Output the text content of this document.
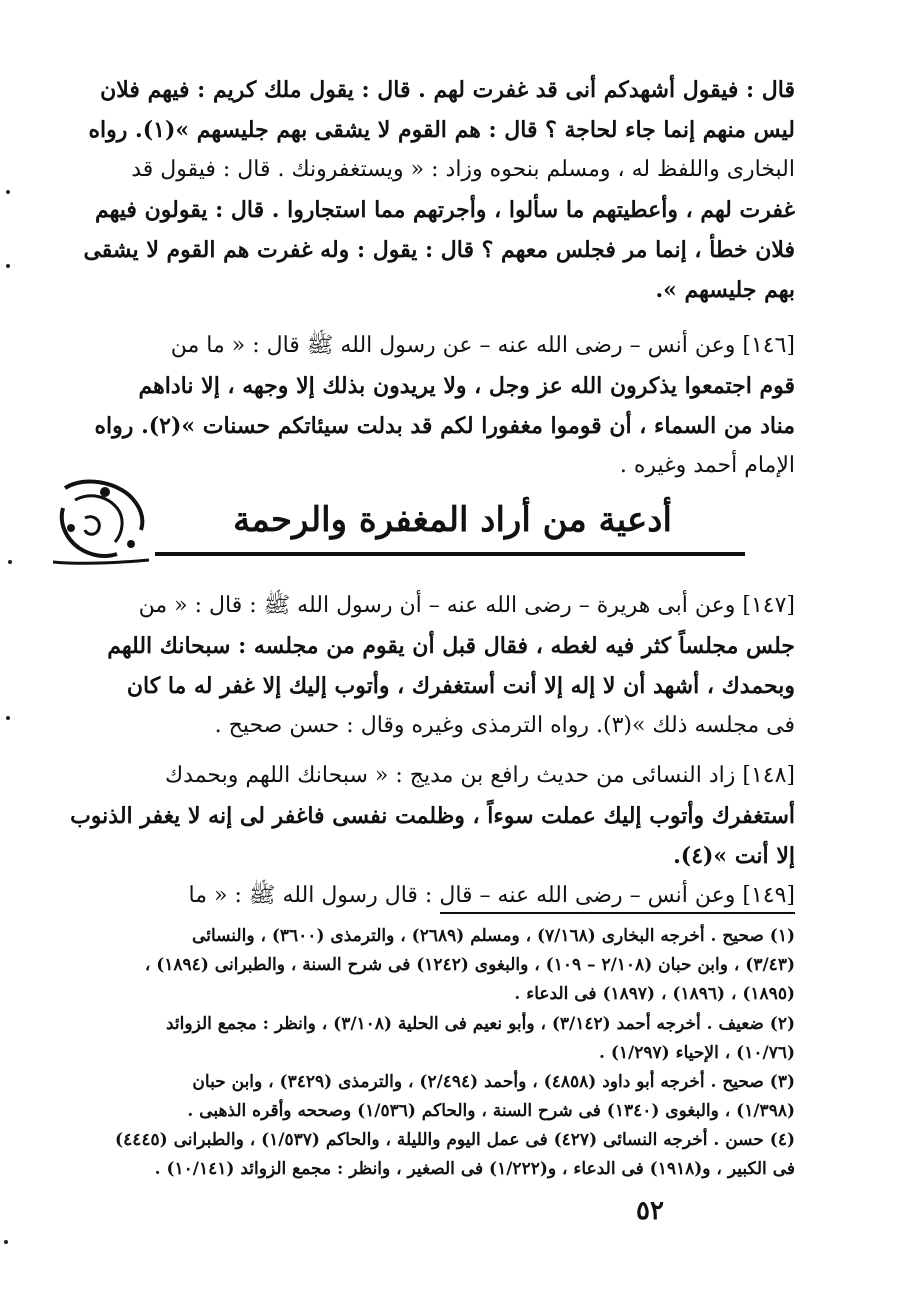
قال : فيقول أشهدكم أنى قد غفرت لهم . قال : يقول ملك كريم : فيهم فلان
ليس منهم إنما جاء لحاجة ؟ قال : هم القوم لا يشقى بهم جليسهم »(١). رواه
البخارى واللفظ له ، ومسلم بنحوه وزاد : « ويستغفرونك . قال : فيقول قد
غفرت لهم ، وأعطيتهم ما سألوا ، وأجرتهم مما استجاروا . قال : يقولون فيهم
فلان خطأ ، إنما مر فجلس معهم ؟ قال : يقول : وله غفرت هم القوم لا يشقى
بهم جليسهم ».
[١٤٦] وعن أنس – رضى الله عنه – عن رسول الله ﷺ قال : « ما من
قوم اجتمعوا يذكرون الله عز وجل ، ولا يريدون بذلك إلا وجهه ، إلا ناداهم
مناد من السماء ، أن قوموا مغفورا لكم قد بدلت سيئاتكم حسنات »(٢). رواه
الإمام أحمد وغيره .
[١٤٧] وعن أبى هريرة – رضى الله عنه – أن رسول الله ﷺ : قال : « من
جلس مجلساً كثر فيه لغطه ، فقال قبل أن يقوم من مجلسه : سبحانك اللهم
وبحمدك ، أشهد أن لا إله إلا أنت أستغفرك ، وأتوب إليك إلا غفر له ما كان
فى مجلسه ذلك »(٣). رواه الترمذى وغيره وقال : حسن صحيح .
[١٤٨] زاد النسائى من حديث رافع بن مديج : « سبحانك اللهم وبحمدك
أستغفرك وأتوب إليك عملت سوءاً ، وظلمت نفسى فاغفر لى إنه لا يغفر الذنوب
إلا أنت »(٤).
[١٤٩] وعن أنس – رضى الله عنه – قال : قال رسول الله ﷺ : « ما
أدعية من أراد المغفرة والرحمة
(١) صحيح . أخرجه البخارى (٧/١٦٨) ، ومسلم (٢٦٨٩) ، والترمذى (٣٦٠٠) ، والنسائى
(٣/٤٣) ، وابن حبان (٢/١٠٨ – ١٠٩) ، والبغوى (١٢٤٢) فى شرح السنة ، والطبرانى (١٨٩٤) ،
(١٨٩٥) ، (١٨٩٦) ، (١٨٩٧) فى الدعاء .
(٢) ضعيف . أخرجه أحمد (٣/١٤٢) ، وأبو نعيم فى الحلية (٣/١٠٨) ، وانظر : مجمع الزوائد
(١٠/٧٦) ، الإحياء (١/٢٩٧) .
(٣) صحيح . أخرجه أبو داود (٤٨٥٨) ، وأحمد (٢/٤٩٤) ، والترمذى (٣٤٢٩) ، وابن حبان
(١/٣٩٨) ، والبغوى (١٣٤٠) فى شرح السنة ، والحاكم (١/٥٣٦) وصححه وأقره الذهبى .
(٤) حسن . أخرجه النسائى (٤٢٧) فى عمل اليوم والليلة ، والحاكم (١/٥٣٧) ، والطبرانى (٤٤٤٥)
فى الكبير ، و(١٩١٨) فى الدعاء ، و(١/٢٢٢) فى الصغير ، وانظر : مجمع الزوائد (١٠/١٤١) .
٥٢
